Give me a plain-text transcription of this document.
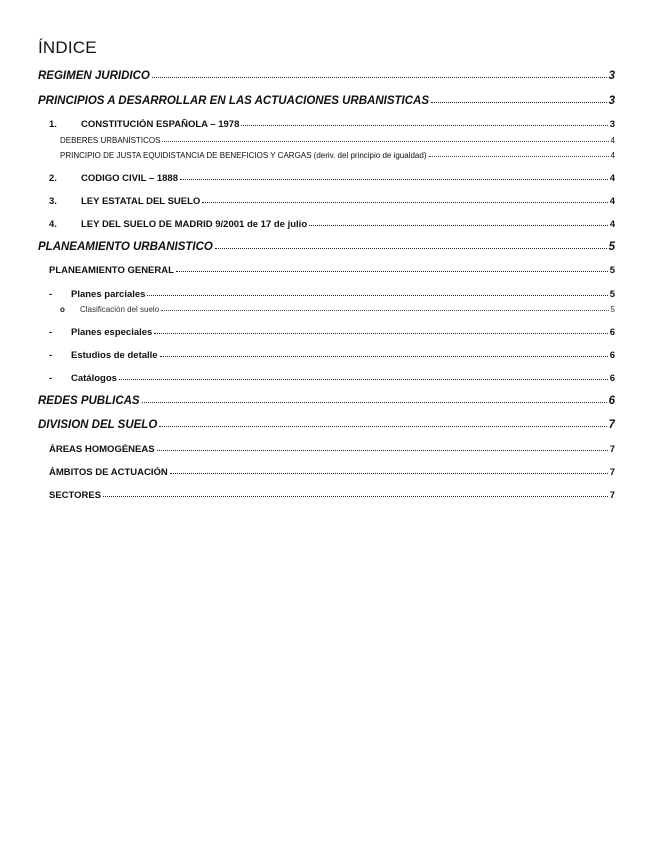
ÍNDICE
RÉGIMEN JURÍDICO	3
PRINCIPIOS A DESARROLLAR EN LAS ACTUACIONES URBANÍSTICAS	3
1.	CONSTITUCIÓN ESPAÑOLA – 1978	3
DEBERES URBANÍSTICOS	4
PRINCIPIO DE JUSTA EQUIDISTANCIA DE BENEFICIOS Y CARGAS (deriv. del principio de igualdad)	4
2.	CODIGO CIVIL – 1888	4
3.	LEY ESTATAL DEL SUELO	4
4.	LEY DEL SUELO DE MADRID 9/2001 de 17 de julio	4
PLANEAMIENTO URBANÍSTICO	5
PLANEAMIENTO GENERAL	5
-	Planes parciales	5
o	Clasificación del suelo	5
-	Planes especiales	6
-	Estudios de detalle	6
-	Catálogos	6
REDES PÚBLICAS	6
DIVISIÓN DEL SUELO	7
ÁREAS HOMOGÉNEAS	7
ÁMBITOS DE ACTUACIÓN	7
SECTORES	7
